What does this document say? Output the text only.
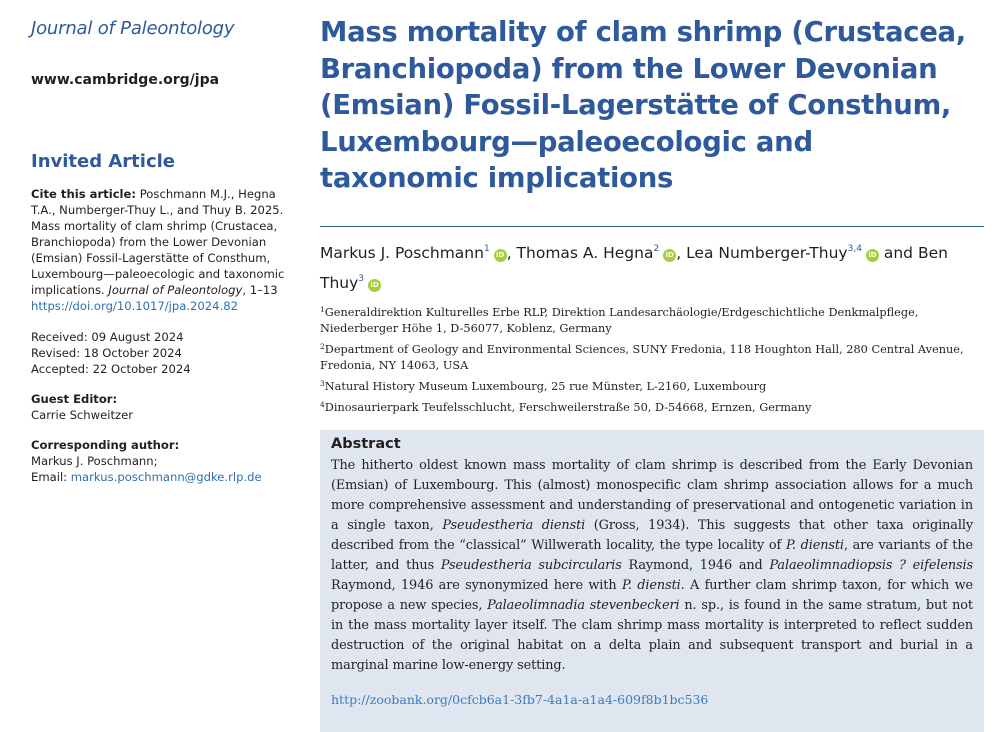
Journal of Paleontology
www.cambridge.org/jpa
Invited Article
Cite this article: Poschmann M.J., Hegna T.A., Numberger-Thuy L., and Thuy B. 2025. Mass mortality of clam shrimp (Crustacea, Branchiopoda) from the Lower Devonian (Emsian) Fossil-Lagerstätte of Consthum, Luxembourg—paleoecologic and taxonomic implications. Journal of Paleontology, 1–13
https://doi.org/10.1017/jpa.2024.82
Received: 09 August 2024
Revised: 18 October 2024
Accepted: 22 October 2024
Guest Editor:
Carrie Schweitzer
Corresponding author:
Markus J. Poschmann;
Email: markus.poschmann@gdke.rlp.de
Mass mortality of clam shrimp (Crustacea, Branchiopoda) from the Lower Devonian (Emsian) Fossil-Lagerstätte of Consthum, Luxembourg—paleoecologic and taxonomic implications
Markus J. Poschmann$^1$iD , Thomas A. Hegna$^2$iD , Lea Numberger-Thuy$^{3,4}$iD and Ben Thuy$^3$iD
$^1$Generaldirektion Kulturelles Erbe RLP, Direktion Landesarchäologie/Erdgeschichtliche Denkmalpflege, Niederberger Höhe 1, D-56077, Koblenz, Germany
$^2$Department of Geology and Environmental Sciences, SUNY Fredonia, 118 Houghton Hall, 280 Central Avenue, Fredonia, NY 14063, USA
$^3$Natural History Museum Luxembourg, 25 rue Münster, L-2160, Luxembourg
$^4$Dinosaurierpark Teufelsschlucht, Ferschweilerstraße 50, D-54668, Ernzen, Germany
Abstract
The hitherto oldest known mass mortality of clam shrimp is described from the Early Devonian (Emsian) of Luxembourg. This (almost) monospecific clam shrimp association allows for a much more comprehensive assessment and understanding of preservational and ontogenetic variation in a single taxon, Pseudestheria diensti (Gross, 1934). This suggests that other taxa originally described from the “classical” Willwerath locality, the type locality of P. diensti, are variants of the latter, and thus Pseudestheria subcircularis Raymond, 1946 and Palaeolimnadiopsis ? eifelensis Raymond, 1946 are synonymized here with P. diensti. A further clam shrimp taxon, for which we propose a new species, Palaeolimnadia stevenbeckeri n. sp., is found in the same stratum, but not in the mass mortality layer itself. The clam shrimp mass mortality is interpreted to reflect sudden destruction of the original habitat on a delta plain and subsequent transport and burial in a marginal marine low-energy setting.
http://zoobank.org/0cfcb6a1-3fb7-4a1a-a1a4-609f8b1bc536
